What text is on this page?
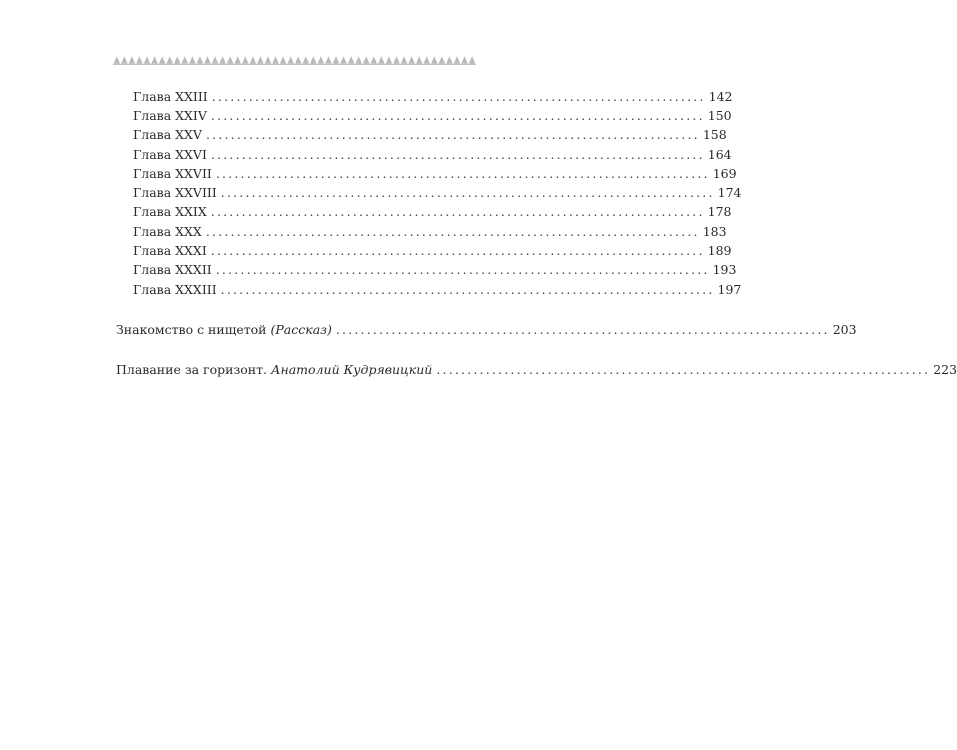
Глава XXIII ................................................................................ 142
Глава XXIV ................................................................................ 150
Глава XXV ................................................................................ 158
Глава XXVI ................................................................................ 164
Глава XXVII ................................................................................ 169
Глава XXVIII ................................................................................ 174
Глава XXIX ................................................................................ 178
Глава XXX ................................................................................ 183
Глава XXXI ................................................................................ 189
Глава XXXII ................................................................................ 193
Глава XXXIII ................................................................................ 197
Знакомство с нищетой (Рассказ) ................................................................................ 203
Плавание за горизонт. Анатолий Кудрявицкий ................................................................................ 223
